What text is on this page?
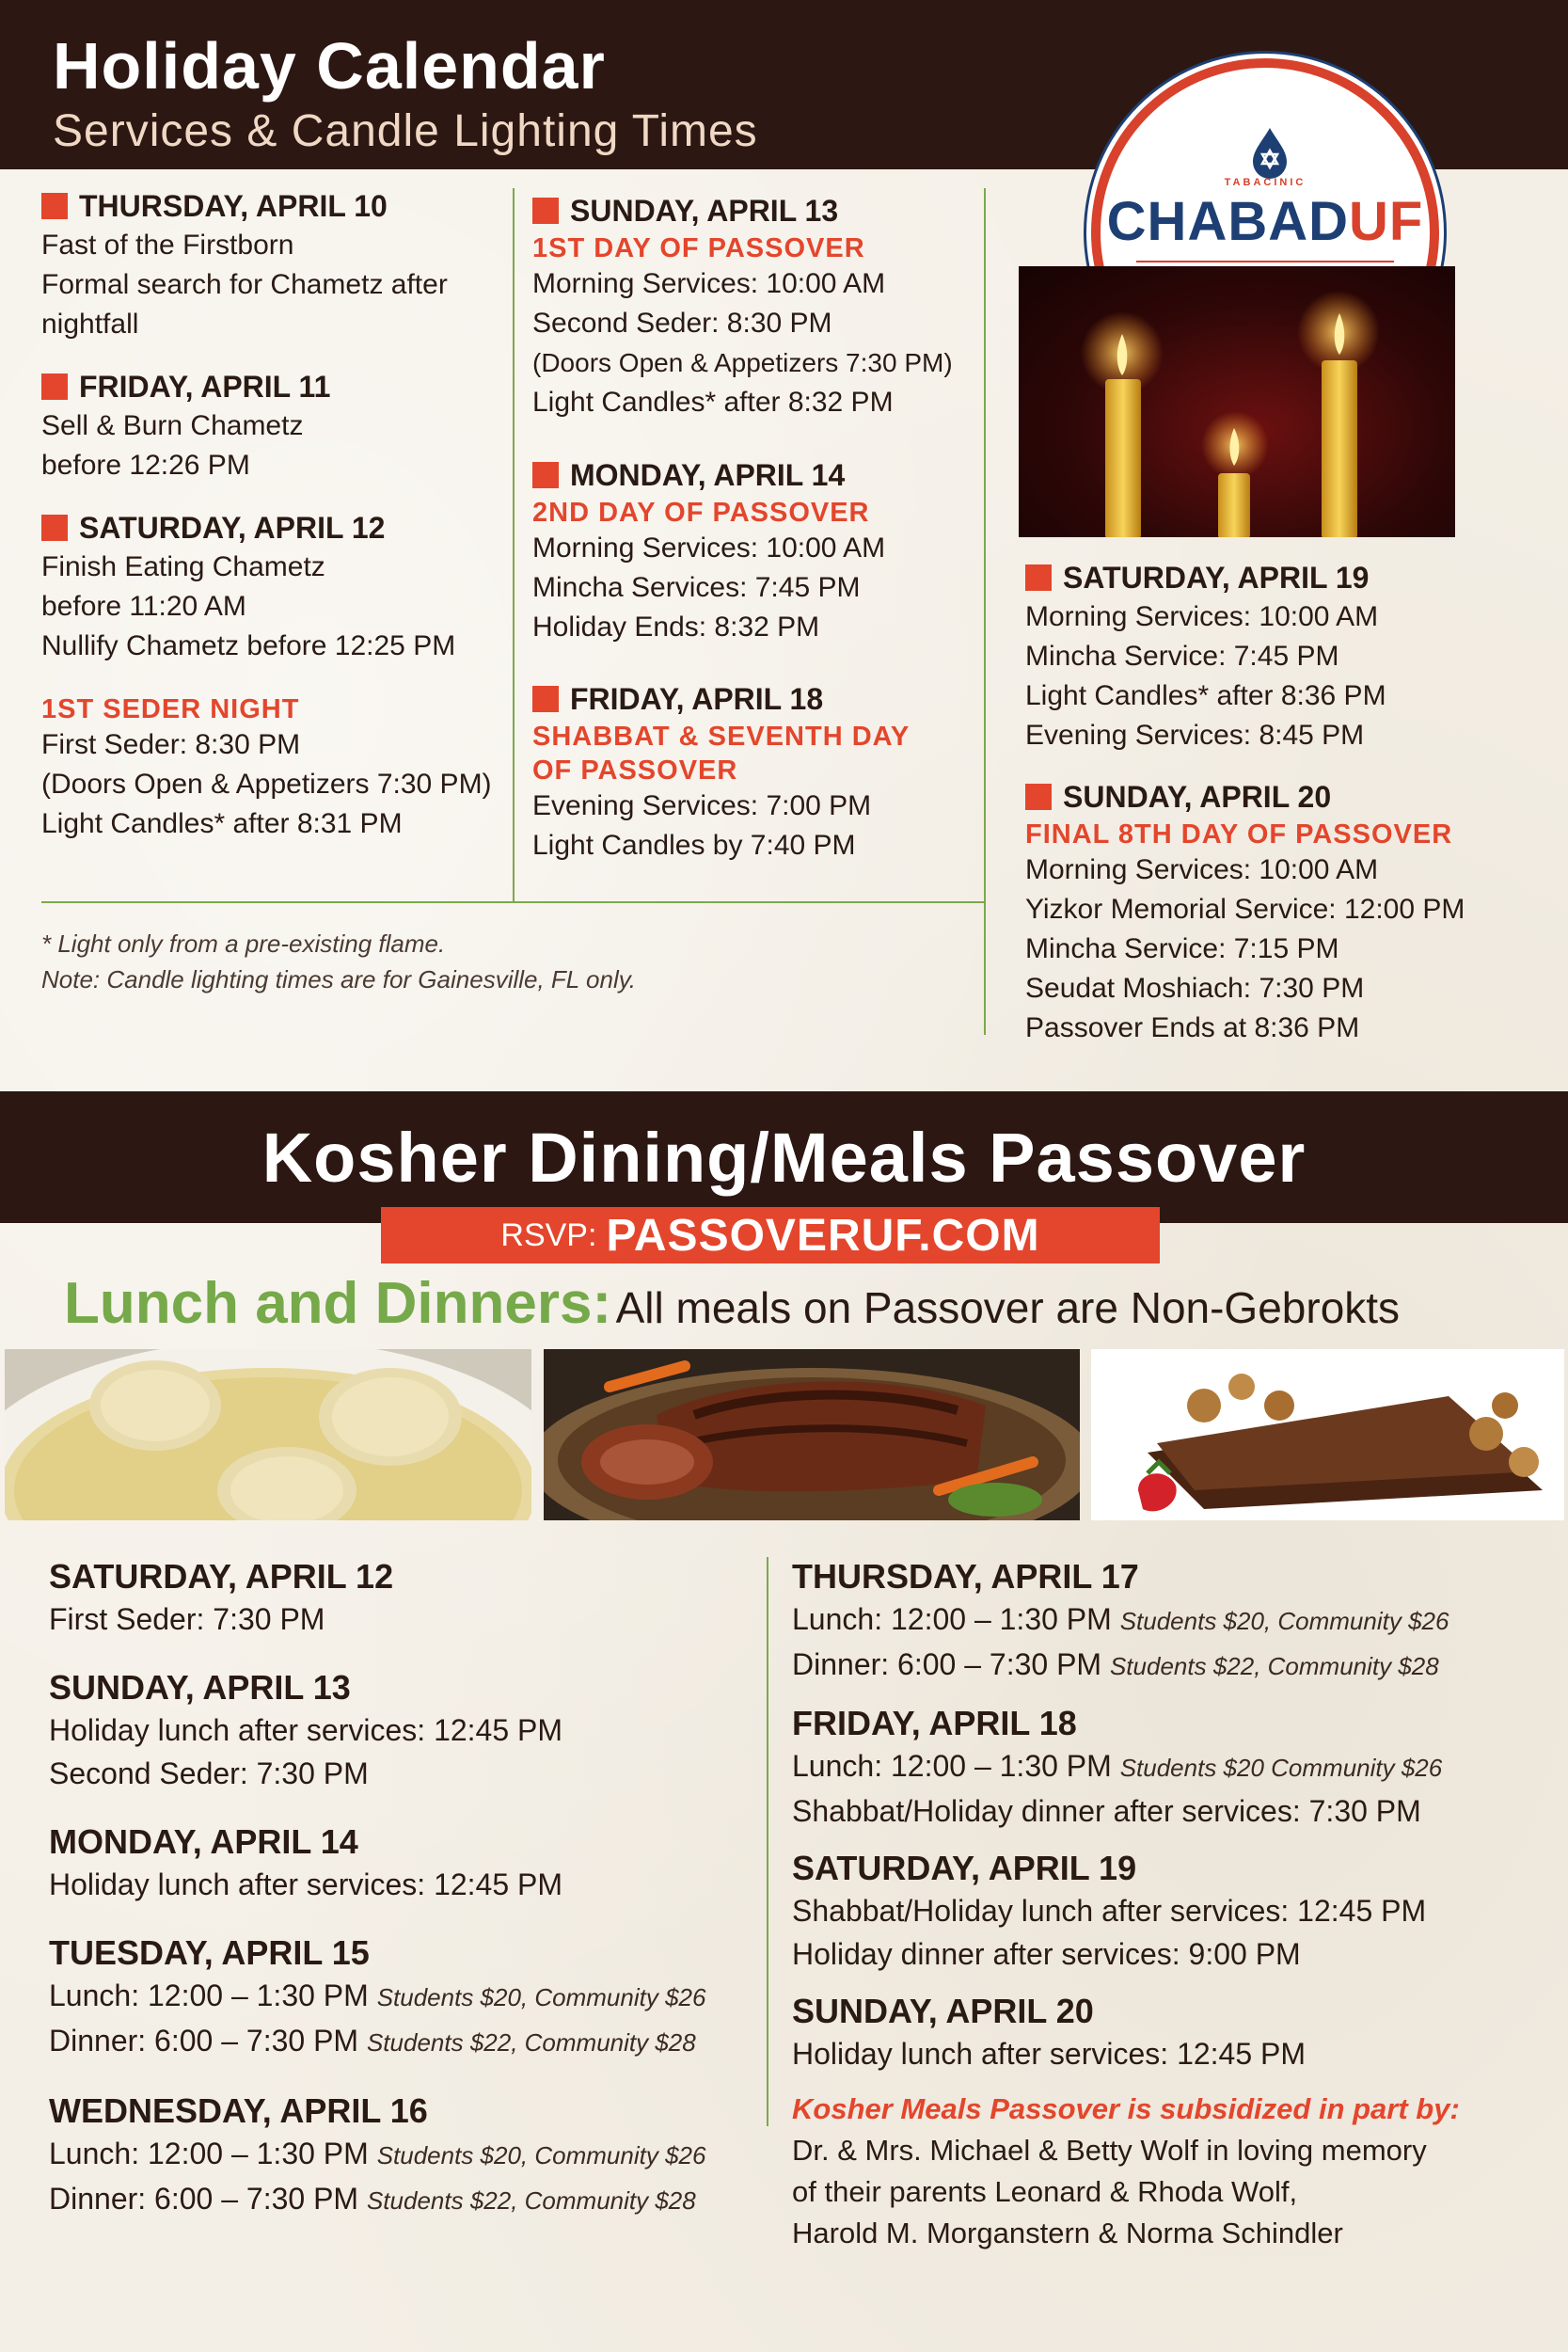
Holiday Calendar
Services & Candle Lighting Times
TABACINIC
CHABADUF
THURSDAY, APRIL 10
Fast of the Firstborn
Formal search for Chametz after
nightfall
FRIDAY, APRIL 11
Sell & Burn Chametz
before 12:26 PM
SATURDAY, APRIL 12
Finish Eating Chametz
before 11:20 AM
Nullify Chametz before 12:25 PM
1ST SEDER NIGHT
First Seder: 8:30 PM
(Doors Open & Appetizers 7:30 PM)
Light Candles* after 8:31 PM
SUNDAY, APRIL 13
1ST DAY OF PASSOVER
Morning Services: 10:00 AM
Second Seder: 8:30 PM
(Doors Open & Appetizers 7:30 PM)
Light Candles* after 8:32 PM
MONDAY, APRIL 14
2ND DAY OF PASSOVER
Morning Services: 10:00 AM
Mincha Services: 7:45 PM
Holiday Ends: 8:32 PM
FRIDAY, APRIL 18
SHABBAT & SEVENTH DAY
OF PASSOVER
Evening Services: 7:00 PM
Light Candles by 7:40 PM
SATURDAY, APRIL 19
Morning Services: 10:00 AM
Mincha Service: 7:45 PM
Light Candles* after 8:36 PM
Evening Services: 8:45 PM
SUNDAY, APRIL 20
FINAL 8TH DAY OF PASSOVER
Morning Services: 10:00 AM
Yizkor Memorial Service: 12:00 PM
Mincha Service: 7:15 PM
Seudat Moshiach: 7:30 PM
Passover Ends at 8:36 PM
* Light only from a pre-existing flame.
Note: Candle lighting times are for Gainesville, FL only.
Kosher Dining/Meals Passover
RSVP: PASSOVERUF.COM
Lunch and Dinners: All meals on Passover are Non-Gebrokts
SATURDAY, APRIL 12
First Seder: 7:30 PM
SUNDAY, APRIL 13
Holiday lunch after services: 12:45 PM
Second Seder: 7:30 PM
MONDAY, APRIL 14
Holiday lunch after services: 12:45 PM
TUESDAY, APRIL 15
Lunch: 12:00 – 1:30 PM Students $20, Community $26
Dinner: 6:00 – 7:30 PM Students $22, Community $28
WEDNESDAY, APRIL 16
Lunch: 12:00 – 1:30 PM Students $20, Community $26
Dinner: 6:00 – 7:30 PM Students $22, Community $28
THURSDAY, APRIL 17
Lunch: 12:00 – 1:30 PM Students $20, Community $26
Dinner: 6:00 – 7:30 PM Students $22, Community $28
FRIDAY, APRIL 18
Lunch: 12:00 – 1:30 PM Students $20 Community $26
Shabbat/Holiday dinner after services: 7:30 PM
SATURDAY, APRIL 19
Shabbat/Holiday lunch after services: 12:45 PM
Holiday dinner after services: 9:00 PM
SUNDAY, APRIL 20
Holiday lunch after services: 12:45 PM
Kosher Meals Passover is subsidized in part by:
Dr. & Mrs. Michael & Betty Wolf in loving memory
of their parents Leonard & Rhoda Wolf,
Harold M. Morganstern & Norma Schindler
